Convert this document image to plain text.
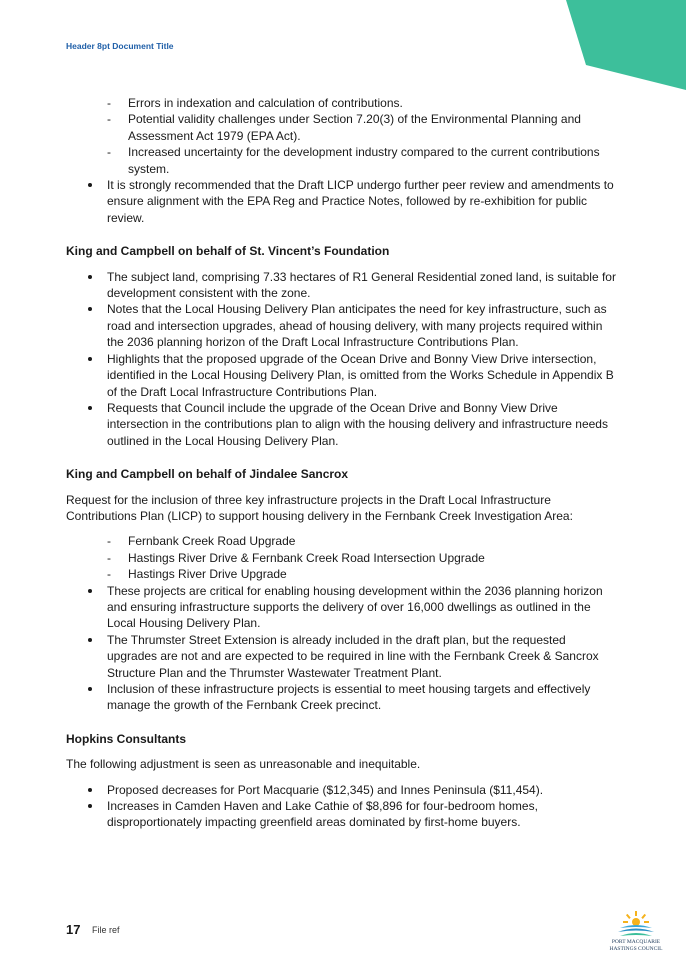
Header 8pt Document Title
- Errors in indexation and calculation of contributions.
- Potential validity challenges under Section 7.20(3) of the Environmental Planning and Assessment Act 1979 (EPA Act).
- Increased uncertainty for the development industry compared to the current contributions system.
It is strongly recommended that the Draft LICP undergo further peer review and amendments to ensure alignment with the EPA Reg and Practice Notes, followed by re-exhibition for public review.
King and Campbell on behalf of St. Vincent’s Foundation
The subject land, comprising 7.33 hectares of R1 General Residential zoned land, is suitable for development consistent with the zone.
Notes that the Local Housing Delivery Plan anticipates the need for key infrastructure, such as road and intersection upgrades, ahead of housing delivery, with many projects required within the 2036 planning horizon of the Draft Local Infrastructure Contributions Plan.
Highlights that the proposed upgrade of the Ocean Drive and Bonny View Drive intersection, identified in the Local Housing Delivery Plan, is omitted from the Works Schedule in Appendix B of the Draft Local Infrastructure Contributions Plan.
Requests that Council include the upgrade of the Ocean Drive and Bonny View Drive intersection in the contributions plan to align with the housing delivery and infrastructure needs outlined in the Local Housing Delivery Plan.
King and Campbell on behalf of Jindalee Sancrox

Request for the inclusion of three key infrastructure projects in the Draft Local Infrastructure Contributions Plan (LICP) to support housing delivery in the Fernbank Creek Investigation Area:

- Fernbank Creek Road Upgrade
- Hastings River Drive & Fernbank Creek Road Intersection Upgrade
- Hastings River Drive Upgrade
These projects are critical for enabling housing development within the 2036 planning horizon and ensuring infrastructure supports the delivery of over 16,000 dwellings as outlined in the Local Housing Delivery Plan.
The Thrumster Street Extension is already included in the draft plan, but the requested upgrades are not and are expected to be required in line with the Fernbank Creek & Sancrox Structure Plan and the Thrumster Wastewater Treatment Plant.
Inclusion of these infrastructure projects is essential to meet housing targets and effectively manage the growth of the Fernbank Creek precinct.
Hopkins Consultants

The following adjustment is seen as unreasonable and inequitable.

Proposed decreases for Port Macquarie ($12,345) and Innes Peninsula ($11,454).
Increases in Camden Haven and Lake Cathie of $8,896 for four-bedroom homes, disproportionately impacting greenfield areas dominated by first-home buyers.
17 File ref
PORT MACQUARIE
HASTINGS COUNCIL
